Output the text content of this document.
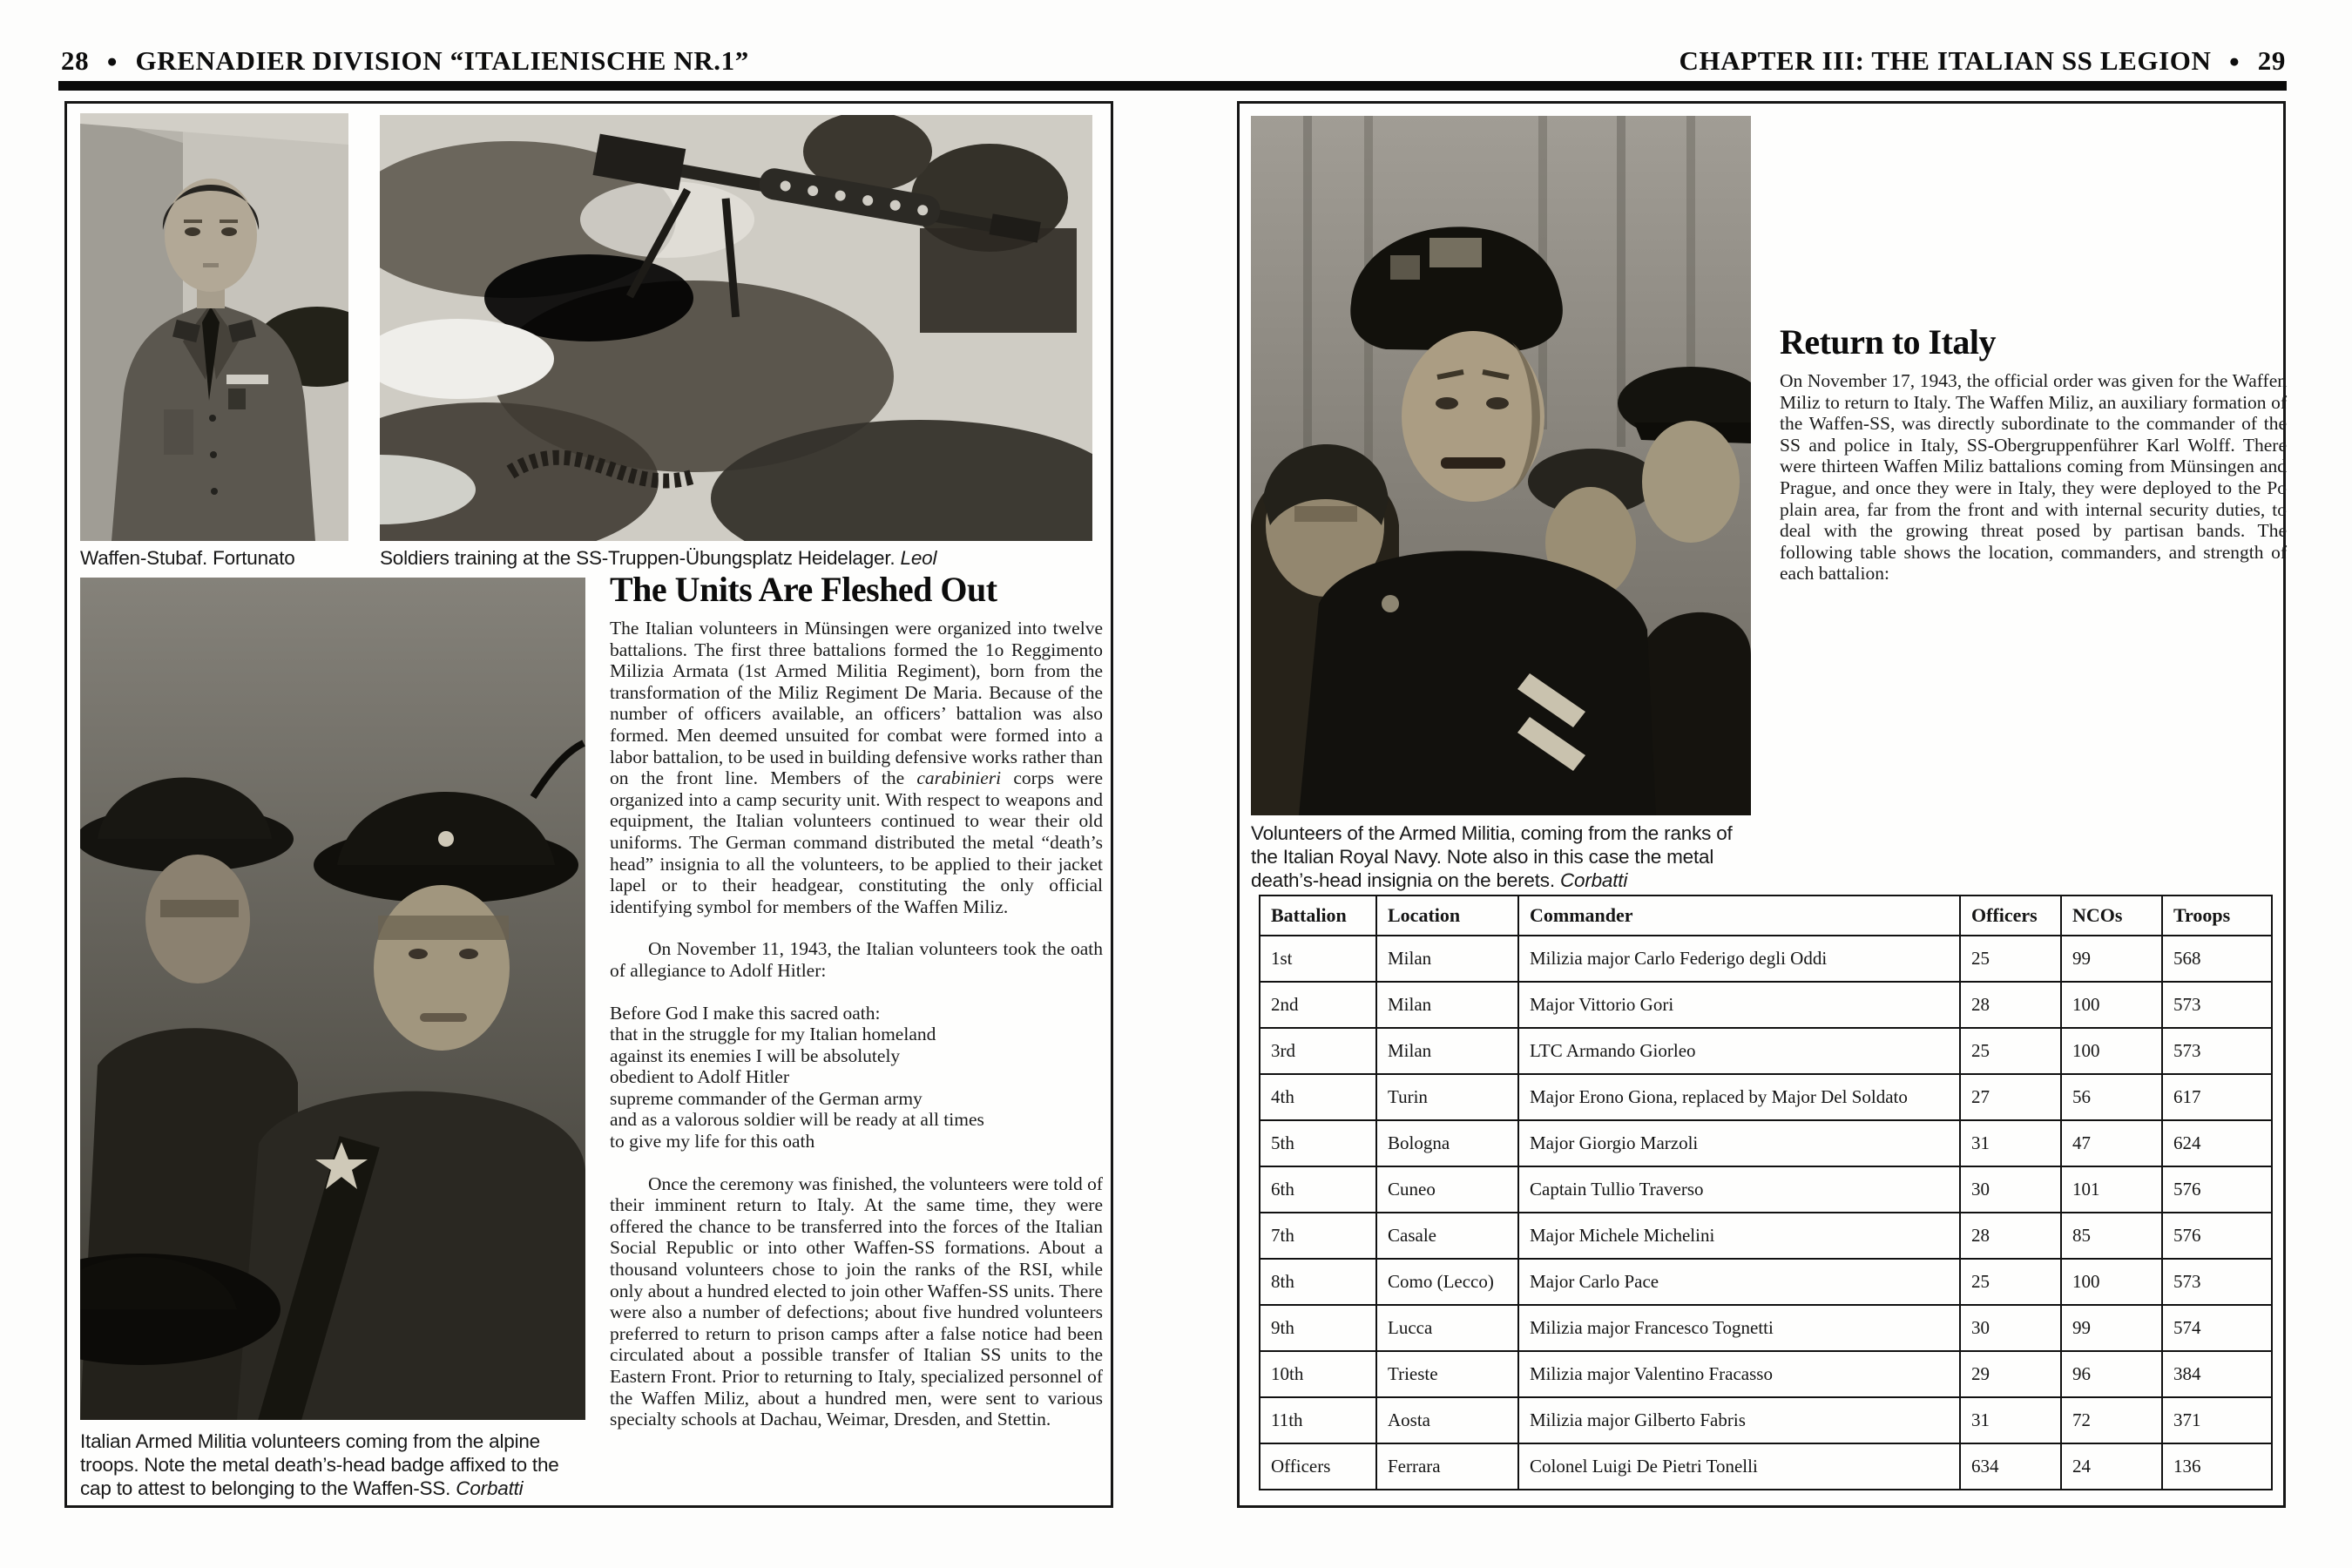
28 ● GRENADIER DIVISION “ITALIENISCHE NR.1”	CHAPTER III: THE ITALIAN SS LEGION ● 29
Waffen-Stubaf. Fortunato	Soldiers training at the SS-Truppen-Übungsplatz Heidelager. Leol
Italian Armed Militia volunteers coming from the alpine troops. Note the metal death’s-head badge affixed to the cap to attest to belonging to the Waffen-SS. Corbatti
The Units Are Fleshed Out

The Italian volunteers in Münsingen were organized into twelve battalions. The first three battalions formed the 1o Reggimento Milizia Armata (1st Armed Militia Regiment), born from the transformation of the Miliz Regiment De Maria. Because of the number of officers available, an officers’ battalion was also formed. Men deemed unsuited for combat were formed into a labor battalion, to be used in building defensive works rather than on the front line. Members of the carabinieri corps were organized into a camp security unit. With respect to weapons and equipment, the Italian volunteers continued to wear their old uniforms. The German command distributed the metal “death’s head” insignia to all the volunteers, to be applied to their jacket lapel or to their headgear, constituting the only official identifying symbol for members of the Waffen Miliz.

On November 11, 1943, the Italian volunteers took the oath of allegiance to Adolf Hitler:

Before God I make this sacred oath:
that in the struggle for my Italian homeland
against its enemies I will be absolutely
obedient to Adolf Hitler
supreme commander of the German army
and as a valorous soldier will be ready at all times
to give my life for this oath

Once the ceremony was finished, the volunteers were told of their imminent return to Italy. At the same time, they were offered the chance to be transferred into the forces of the Italian Social Republic or into other Waffen-SS formations. About a thousand volunteers chose to join the ranks of the RSI, while only about a hundred elected to join other Waffen-SS units. There were also a number of defections; about five hundred volunteers preferred to return to prison camps after a false notice had been circulated about a possible transfer of Italian SS units to the Eastern Front. Prior to returning to Italy, specialized personnel of the Waffen Miliz, about a hundred men, were sent to various specialty schools at Dachau, Weimar, Dresden, and Stettin.

Volunteers of the Armed Militia, coming from the ranks of the Italian Royal Navy. Note also in this case the metal death’s-head insignia on the berets. Corbatti
Return to Italy

On November 17, 1943, the official order was given for the Waffen Miliz to return to Italy. The Waffen Miliz, an auxiliary formation of the Waffen-SS, was directly subordinate to the commander of the SS and police in Italy, SS-Obergruppenführer Karl Wolff. There were thirteen Waffen Miliz battalions coming from Münsingen and Prague, and once they were in Italy, they were deployed to the Po plain area, far from the front and with internal security duties, to deal with the growing threat posed by partisan bands. The following table shows the location, commanders, and strength of each battalion:

Battalion	Location	Commander	Officers	NCOs	Troops
1st	Milan	Milizia major Carlo Federigo degli Oddi	25	99	568
2nd	Milan	Major Vittorio Gori	28	100	573
3rd	Milan	LTC Armando Giorleo	25	100	573
4th	Turin	Major Erono Giona, replaced by Major Del Soldato	27	56	617
5th	Bologna	Major Giorgio Marzoli	31	47	624
6th	Cuneo	Captain Tullio Traverso	30	101	576
7th	Casale	Major Michele Michelini	28	85	576
8th	Como (Lecco)	Major Carlo Pace	25	100	573
9th	Lucca	Milizia major Francesco Tognetti	30	99	574
10th	Trieste	Milizia major Valentino Fracasso	29	96	384
11th	Aosta	Milizia major Gilberto Fabris	31	72	371
Officers	Ferrara	Colonel Luigi De Pietri Tonelli	634	24	136
